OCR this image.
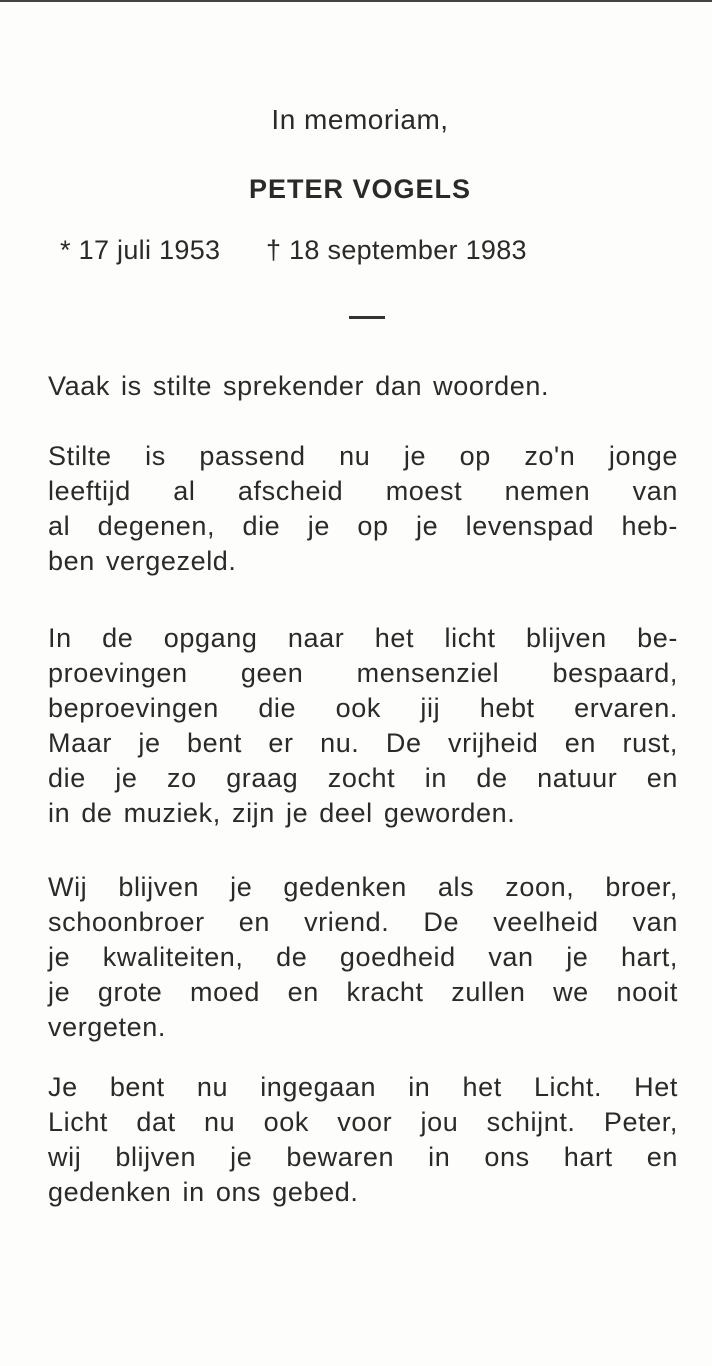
In memoriam,
PETER VOGELS
* 17 juli 1953 † 18 september 1983
Vaak is stilte sprekender dan woorden.
Stilte is passend nu je op zo'n jonge
leeftijd al afscheid moest nemen van
al degenen, die je op je levenspad heb-
ben vergezeld.
In de opgang naar het licht blijven be-
proevingen geen mensenziel bespaard,
beproevingen die ook jij hebt ervaren.
Maar je bent er nu. De vrijheid en rust,
die je zo graag zocht in de natuur en
in de muziek, zijn je deel geworden.
Wij blijven je gedenken als zoon, broer,
schoonbroer en vriend. De veelheid van
je kwaliteiten, de goedheid van je hart,
je grote moed en kracht zullen we nooit
vergeten.
Je bent nu ingegaan in het Licht. Het
Licht dat nu ook voor jou schijnt. Peter,
wij blijven je bewaren in ons hart en
gedenken in ons gebed.
